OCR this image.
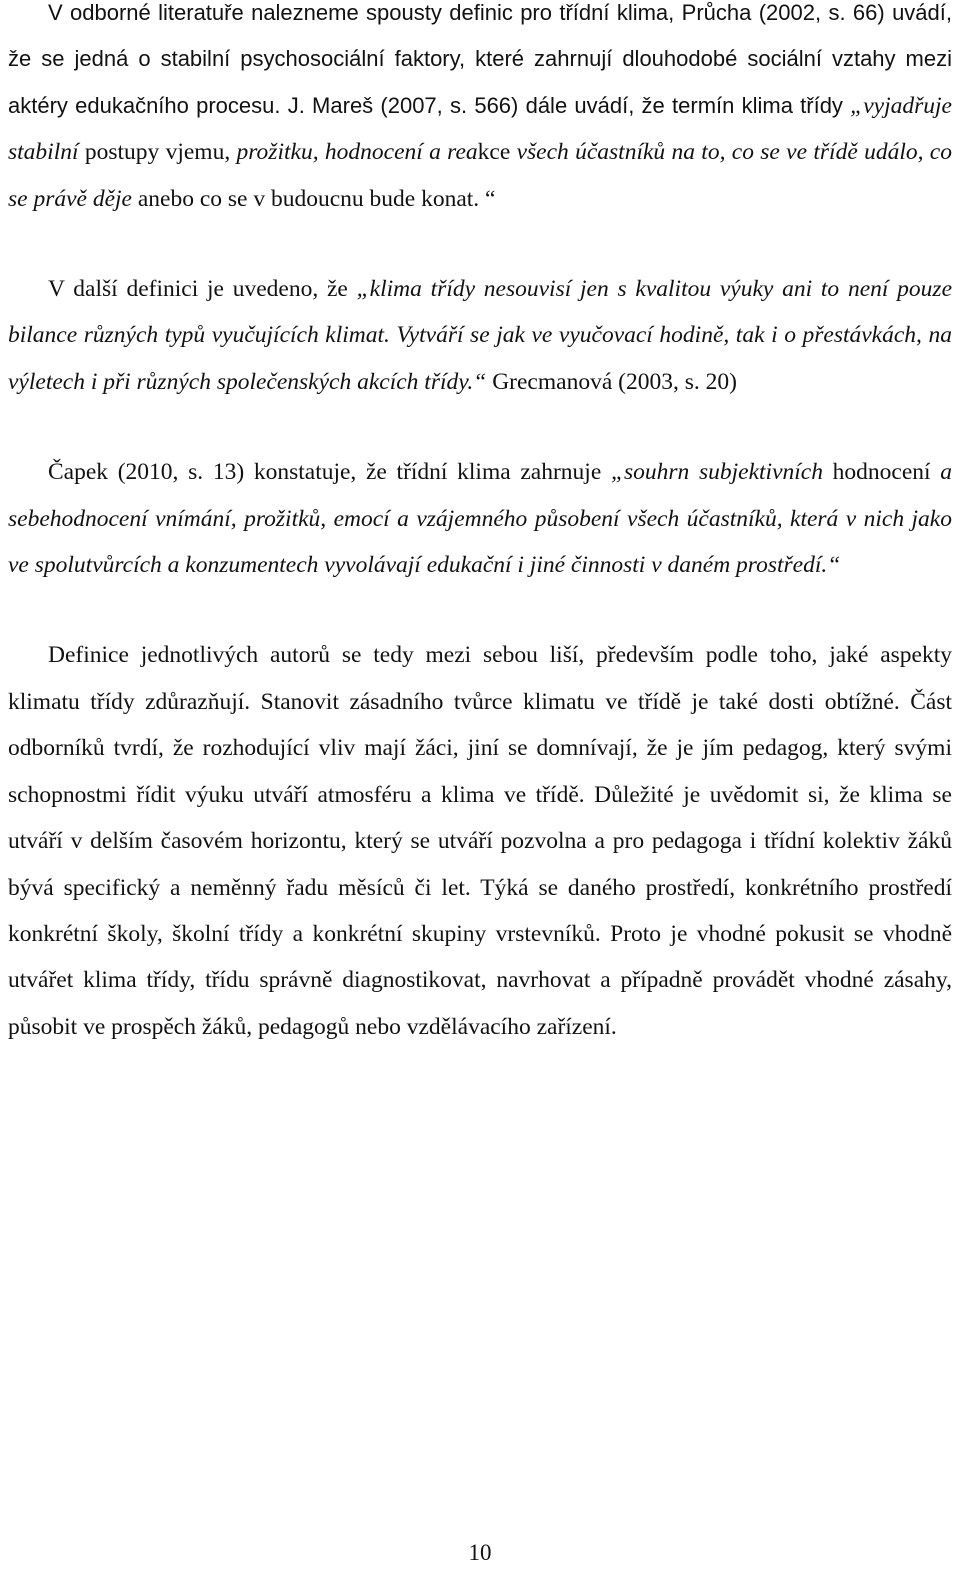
V odborné literatuře nalezneme spousty definic pro třídní klima, Průcha (2002, s. 66) uvádí, že se jedná o stabilní psychosociální faktory, které zahrnují dlouhodobé sociální vztahy mezi aktéry edukačního procesu. J. Mareš (2007, s. 566) dále uvádí, že termín klima třídy „vyjadřuje stabilní postupy vjemu, prožitku, hodnocení a reakce všech účastníků na to, co se ve třídě událo, co se právě děje anebo co se v budoucnu bude konat. “

V další definici je uvedeno, že „klima třídy nesouvisí jen s kvalitou výuky ani to není pouze bilance různých typů vyučujících klimat. Vytváří se jak ve vyučovací hodině, tak i o přestávkách, na výletech i při různých společenských akcích třídy.“ Grecmanová (2003, s. 20)

Čapek (2010, s. 13) konstatuje, že třídní klima zahrnuje „souhrn subjektivních hodnocení a sebehodnocení vnímání, prožitků, emocí a vzájemného působení všech účastníků, která v nich jako ve spolutvůrcích a konzumentech vyvolávají edukační i jiné činnosti v daném prostředí.“

Definice jednotlivých autorů se tedy mezi sebou liší, především podle toho, jaké aspekty klimatu třídy zdůrazňují. Stanovit zásadního tvůrce klimatu ve třídě je také dosti obtížné. Část odborníků tvrdí, že rozhodující vliv mají žáci, jiní se domnívají, že je jím pedagog, který svými schopnostmi řídit výuku utváří atmosféru a klima ve třídě. Důležité je uvědomit si, že klima se utváří v delším časovém horizontu, který se utváří pozvolna a pro pedagoga i třídní kolektiv žáků bývá specifický a neměnný řadu měsíců či let. Týká se daného prostředí, konkrétního prostředí konkrétní školy, školní třídy a konkrétní skupiny vrstevníků. Proto je vhodné pokusit se vhodně utvářet klima třídy, třídu správně diagnostikovat, navrhovat a případně provádět vhodné zásahy, působit ve prospěch žáků, pedagogů nebo vzdělávacího zařízení.

10
